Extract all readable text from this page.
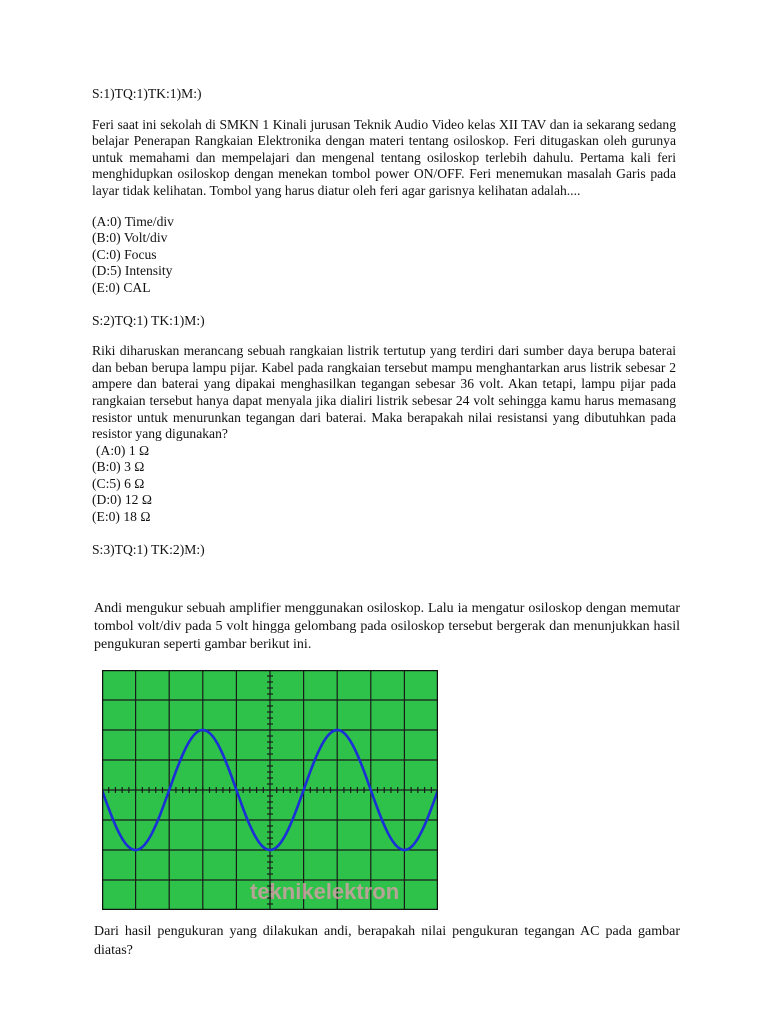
S:1)TQ:1)TK:1)M:)

Feri saat ini sekolah di SMKN 1 Kinali jurusan Teknik Audio Video kelas XII TAV dan ia sekarang sedang belajar Penerapan Rangkaian Elektronika dengan materi tentang osiloskop. Feri ditugaskan oleh gurunya untuk memahami dan mempelajari dan mengenal tentang osiloskop terlebih dahulu. Pertama kali feri menghidupkan osiloskop dengan menekan tombol power ON/OFF. Feri menemukan masalah Garis pada layar tidak kelihatan. Tombol yang harus diatur oleh feri agar garisnya kelihatan adalah....

(A:0) Time/div

(B:0) Volt/div

(C:0) Focus

(D:5) Intensity

(E:0) CAL

S:2)TQ:1) TK:1)M:)

Riki diharuskan merancang sebuah rangkaian listrik tertutup yang terdiri dari sumber daya berupa baterai dan beban berupa lampu pijar. Kabel pada rangkaian tersebut mampu menghantarkan arus listrik sebesar 2 ampere dan baterai yang dipakai menghasilkan tegangan sebesar 36 volt. Akan tetapi, lampu pijar pada rangkaian tersebut hanya dapat menyala jika dialiri listrik sebesar 24 volt sehingga kamu harus memasang resistor untuk menurunkan tegangan dari baterai. Maka berapakah nilai resistansi yang dibutuhkan pada resistor yang digunakan?

(A:0) 1 Ω

(B:0) 3 Ω

(C:5) 6 Ω

(D:0) 12 Ω

(E:0) 18 Ω

S:3)TQ:1) TK:2)M:)

Andi mengukur sebuah amplifier menggunakan osiloskop. Lalu ia mengatur osiloskop dengan memutar tombol volt/div pada 5 volt hingga gelombang pada osiloskop tersebut bergerak dan menunjukkan hasil pengukuran seperti gambar berikut ini.

teknikelektron

Dari hasil pengukuran yang dilakukan andi, berapakah nilai pengukuran tegangan AC pada gambar diatas?
